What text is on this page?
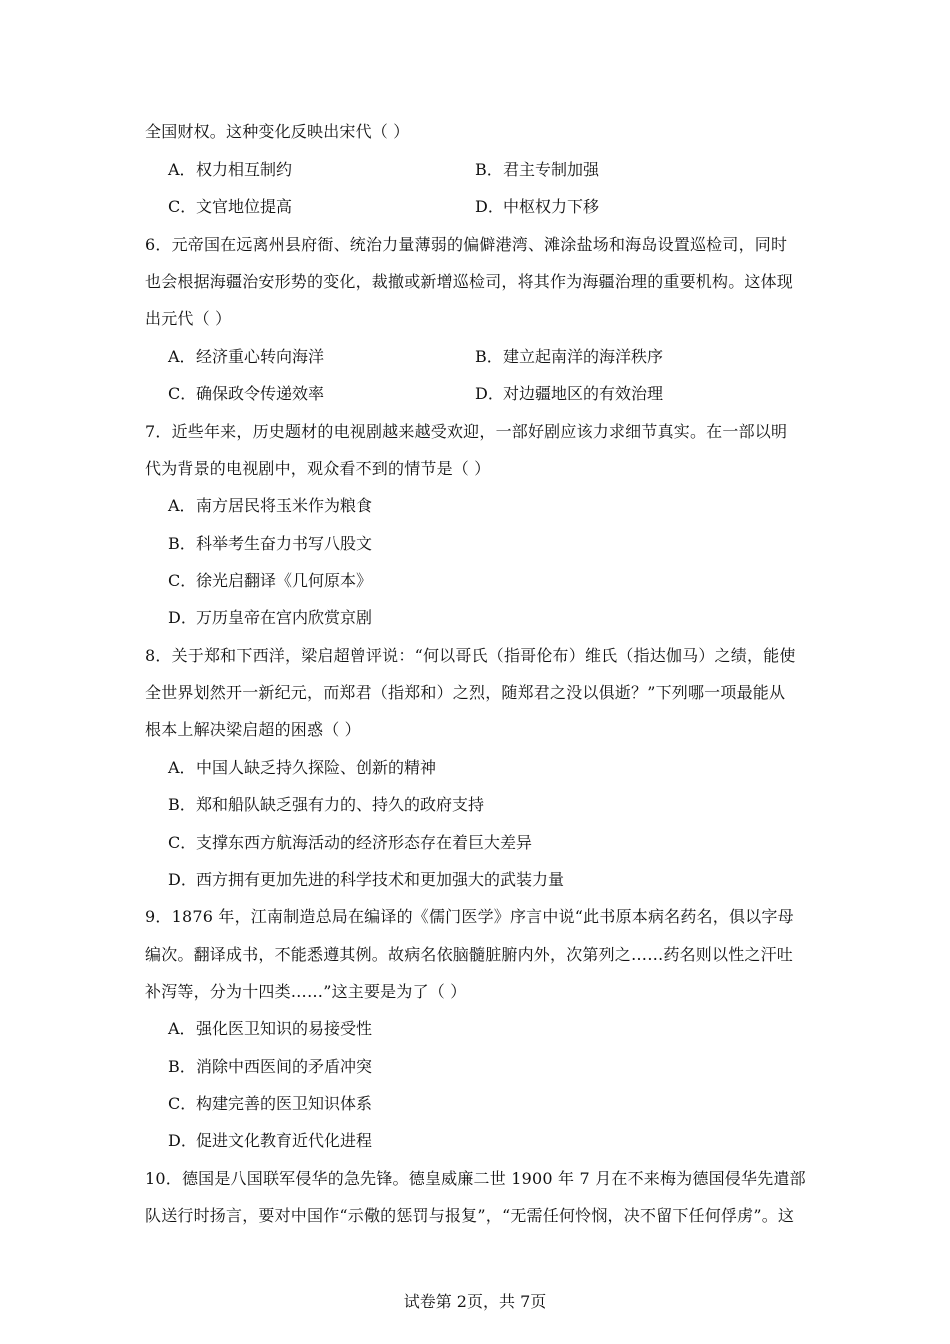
全国财权。这种变化反映出宋代（ ）
A．权力相互制约	B．君主专制加强
C．文官地位提高	D．中枢权力下移
6．元帝国在远离州县府衙、统治力量薄弱的偏僻港湾、滩涂盐场和海岛设置巡检司，同时
也会根据海疆治安形势的变化，裁撤或新增巡检司，将其作为海疆治理的重要机构。这体现
出元代（ ）
A．经济重心转向海洋	B．建立起南洋的海洋秩序
C．确保政令传递效率	D．对边疆地区的有效治理
7．近些年来，历史题材的电视剧越来越受欢迎，一部好剧应该力求细节真实。在一部以明
代为背景的电视剧中，观众看不到的情节是（ ）
A．南方居民将玉米作为粮食
B．科举考生奋力书写八股文
C．徐光启翻译《几何原本》
D．万历皇帝在宫内欣赏京剧
8．关于郑和下西洋，梁启超曾评说：“何以哥氏（指哥伦布）维氏（指达伽马）之绩，能使
全世界划然开一新纪元，而郑君（指郑和）之烈，随郑君之没以俱逝？”下列哪一项最能从
根本上解决梁启超的困惑（ ）
A．中国人缺乏持久探险、创新的精神
B．郑和船队缺乏强有力的、持久的政府支持
C．支撑东西方航海活动的经济形态存在着巨大差异
D．西方拥有更加先进的科学技术和更加强大的武装力量
9．1876 年，江南制造总局在编译的《儒门医学》序言中说“此书原本病名药名，俱以字母
编次。翻译成书，不能悉遵其例。故病名依脑髓脏腑内外，次第列之……药名则以性之汗吐
补泻等，分为十四类……”这主要是为了（ ）
A．强化医卫知识的易接受性
B．消除中西医间的矛盾冲突
C．构建完善的医卫知识体系
D．促进文化教育近代化进程
10．德国是八国联军侵华的急先锋。德皇威廉二世 1900 年 7 月在不来梅为德国侵华先遣部
队送行时扬言，要对中国作“示儆的惩罚与报复”，“无需任何怜悯，决不留下任何俘虏”。这
试卷第 2页，共 7页
